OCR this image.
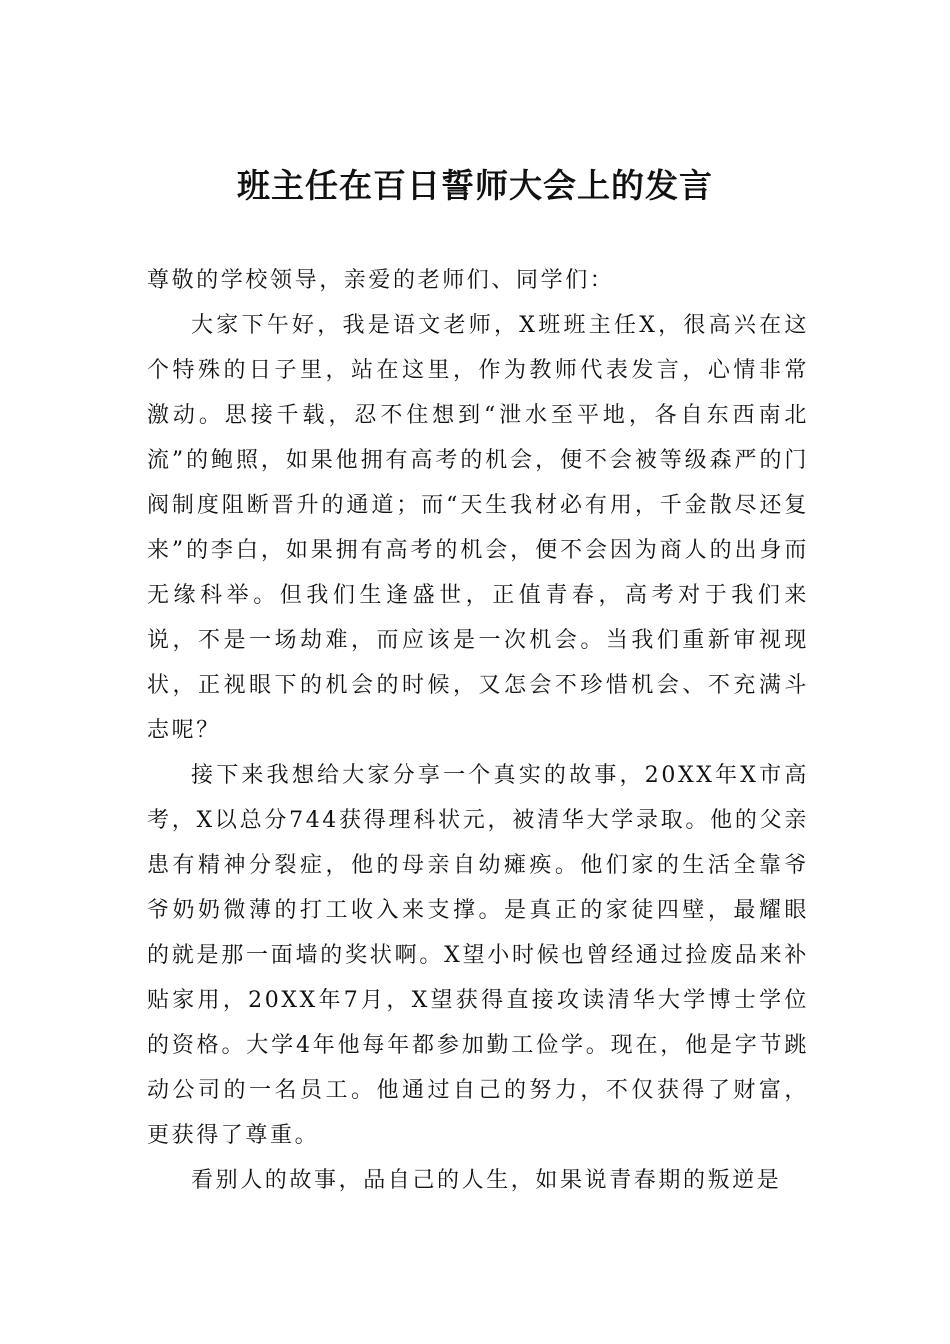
班主任在百日誓师大会上的发言

尊敬的学校领导，亲爱的老师们、同学们：

大家下午好，我是语文老师，X班班主任X，很高兴在这个特殊的日子里，站在这里，作为教师代表发言，心情非常激动。思接千载，忍不住想到“泄水至平地，各自东西南北流”的鲍照，如果他拥有高考的机会，便不会被等级森严的门阀制度阻断晋升的通道；而“天生我材必有用，千金散尽还复来”的李白，如果拥有高考的机会，便不会因为商人的出身而无缘科举。但我们生逢盛世，正值青春，高考对于我们来说，不是一场劫难，而应该是一次机会。当我们重新审视现状，正视眼下的机会的时候，又怎会不珍惜机会、不充满斗志呢？

接下来我想给大家分享一个真实的故事，20XX年X市高考，X以总分744获得理科状元，被清华大学录取。他的父亲患有精神分裂症，他的母亲自幼瘫痪。他们家的生活全靠爷爷奶奶微薄的打工收入来支撑。是真正的家徒四壁，最耀眼的就是那一面墙的奖状啊。X望小时候也曾经通过捡废品来补贴家用，20XX年7月，X望获得直接攻读清华大学博士学位的资格。大学4年他每年都参加勤工俭学。现在，他是字节跳动公司的一名员工。他通过自己的努力，不仅获得了财富，更获得了尊重。

看别人的故事，品自己的人生，如果说青春期的叛逆是
